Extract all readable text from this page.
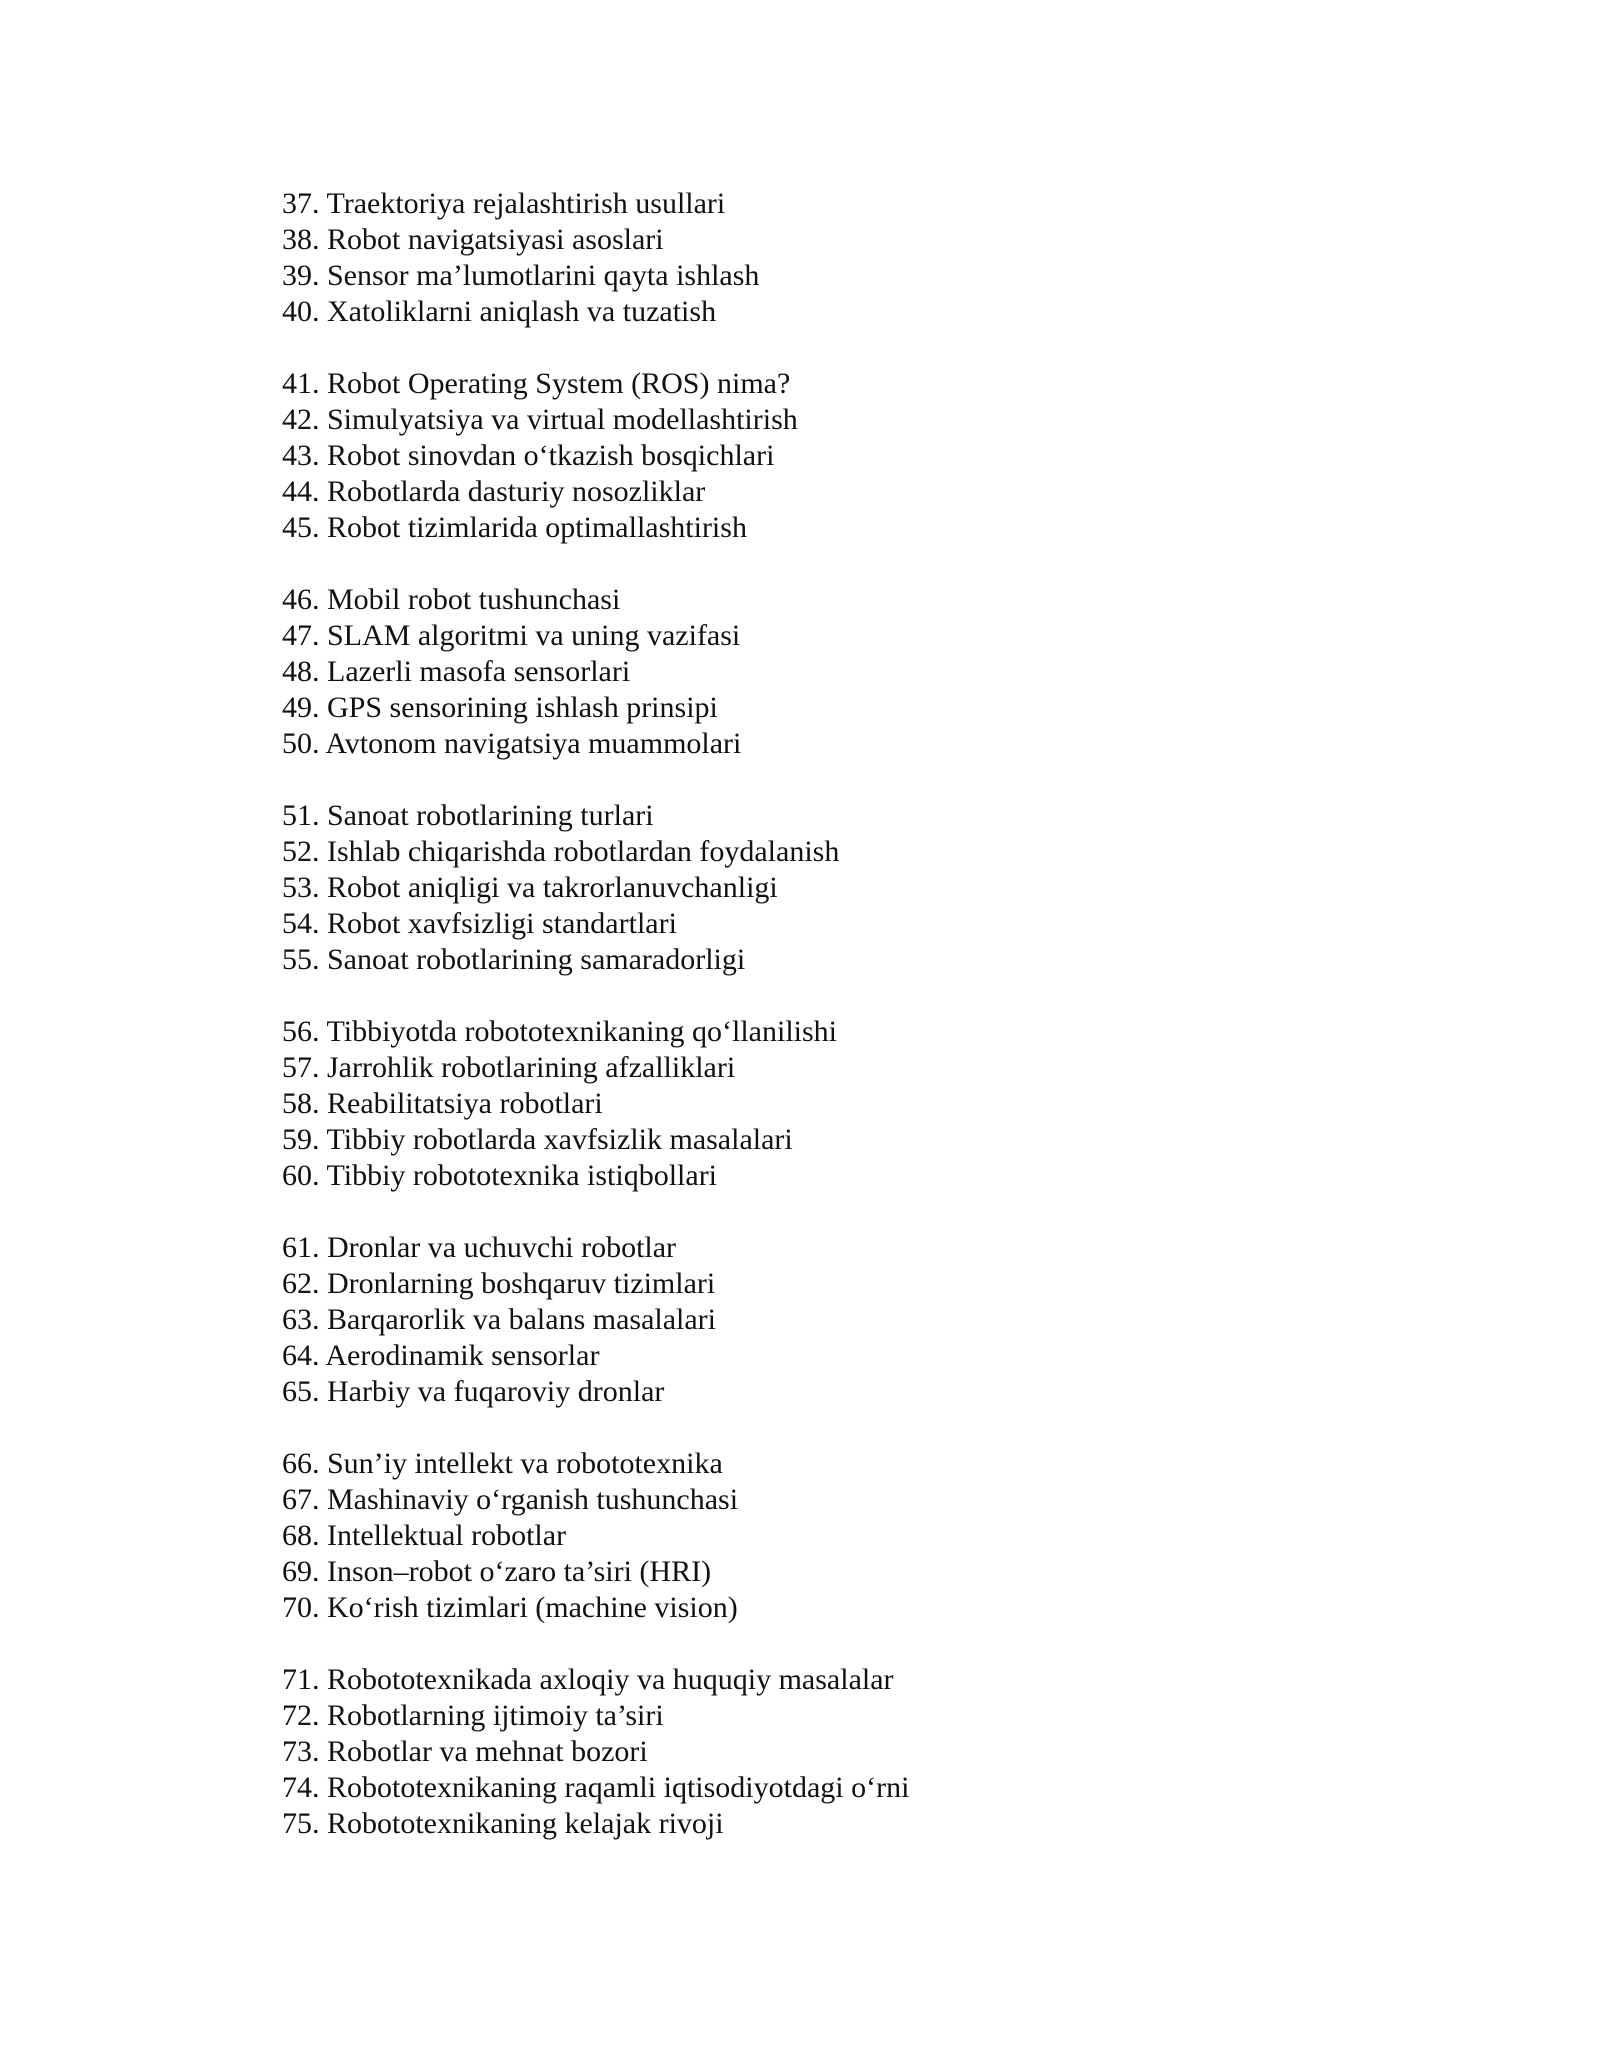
37. Traektoriya rejalashtirish usullari
38. Robot navigatsiyasi asoslari
39. Sensor ma’lumotlarini qayta ishlash
40. Xatoliklarni aniqlash va tuzatish
41. Robot Operating System (ROS) nima?
42. Simulyatsiya va virtual modellashtirish
43. Robot sinovdan o‘tkazish bosqichlari
44. Robotlarda dasturiy nosozliklar
45. Robot tizimlarida optimallashtirish
46. Mobil robot tushunchasi
47. SLAM algoritmi va uning vazifasi
48. Lazerli masofa sensorlari
49. GPS sensorining ishlash prinsipi
50. Avtonom navigatsiya muammolari
51. Sanoat robotlarining turlari
52. Ishlab chiqarishda robotlardan foydalanish
53. Robot aniqligi va takrorlanuvchanligi
54. Robot xavfsizligi standartlari
55. Sanoat robotlarining samaradorligi
56. Tibbiyotda robototexnikaning qo‘llanilishi
57. Jarrohlik robotlarining afzalliklari
58. Reabilitatsiya robotlari
59. Tibbiy robotlarda xavfsizlik masalalari
60. Tibbiy robototexnika istiqbollari
61. Dronlar va uchuvchi robotlar
62. Dronlarning boshqaruv tizimlari
63. Barqarorlik va balans masalalari
64. Aerodinamik sensorlar
65. Harbiy va fuqaroviy dronlar
66. Sun’iy intellekt va robototexnika
67. Mashinaviy o‘rganish tushunchasi
68. Intellektual robotlar
69. Inson–robot o‘zaro ta’siri (HRI)
70. Ko‘rish tizimlari (machine vision)
71. Robototexnikada axloqiy va huquqiy masalalar
72. Robotlarning ijtimoiy ta’siri
73. Robotlar va mehnat bozori
74. Robototexnikaning raqamli iqtisodiyotdagi o‘rni
75. Robototexnikaning kelajak rivoji
